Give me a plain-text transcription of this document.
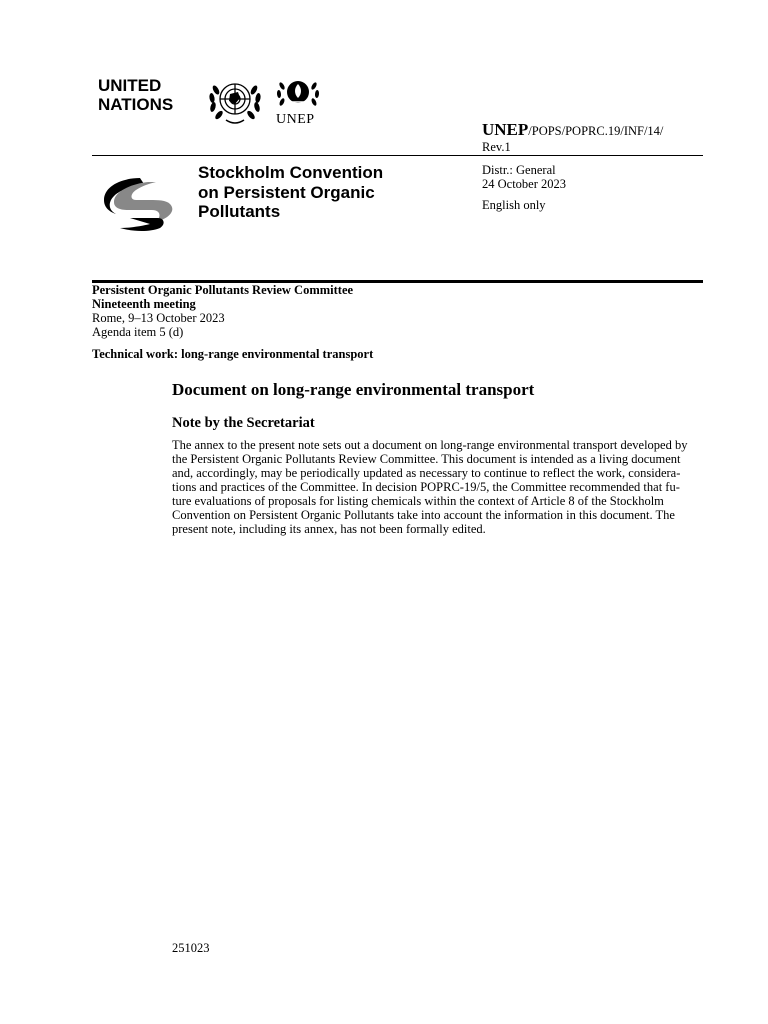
UNITED
NATIONS
UNEP
UNEP/POPS/POPRC.19/INF/14/
Rev.1
Stockholm Convention
on Persistent Organic
Pollutants
Distr.: General
24 October 2023
English only
Persistent Organic Pollutants Review Committee
Nineteenth meeting
Rome, 9–13 October 2023
Agenda item 5 (d)
Technical work: long-range environmental transport
Document on long-range environmental transport
Note by the Secretariat
The annex to the present note sets out a document on long-range environmental transport developed by
the Persistent Organic Pollutants Review Committee. This document is intended as a living document
and, accordingly, may be periodically updated as necessary to continue to reflect the work, considera-
tions and practices of the Committee. In decision POPRC-19/5, the Committee recommended that fu-
ture evaluations of proposals for listing chemicals within the context of Article 8 of the Stockholm
Convention on Persistent Organic Pollutants take into account the information in this document. The
present note, including its annex, has not been formally edited.
251023
